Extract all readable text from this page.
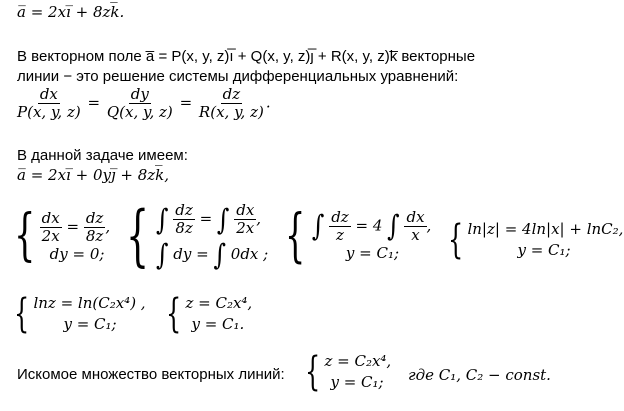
a̅ = 2xı̅ + 8zk̅.
В векторном поле a̅ = P(x, y, z)ı̅ + Q(x, y, z)ȷ̅ + R(x, y, z)k̅ векторные
линии − это решение системы дифференциальных уравнений:
$\frac{dx}{P(x, y, z)} = \frac{dy}{Q(x, y, z)} = \frac{dz}{R(x, y, z)}$ .
В данной задаче имеем:
a̅ = 2xı̅ + 0yȷ̅ + 8zk̅,
{ $\frac{dx}{2x} = \frac{dz}{8z}$ ,
dy = 0; { ∫ $\frac{dz}{8z}$ = ∫ $\frac{dx}{2x}$ ,
∫ dy = ∫ 0dx ; { ∫ $\frac{dz}{z} = 4$ ∫ $\frac{dx}{x}$ ,
y = C₁;	{ ln|z| = 4ln|x| + lnC₂,
y = C₁;
{ lnz = ln(C₂x⁴) ,
y = C₁;	{ z = C₂x⁴,
y = C₁.
Искомое множество векторных линий: { z = C₂x⁴,
y = C₁;	где C₁, C₂ − const.
